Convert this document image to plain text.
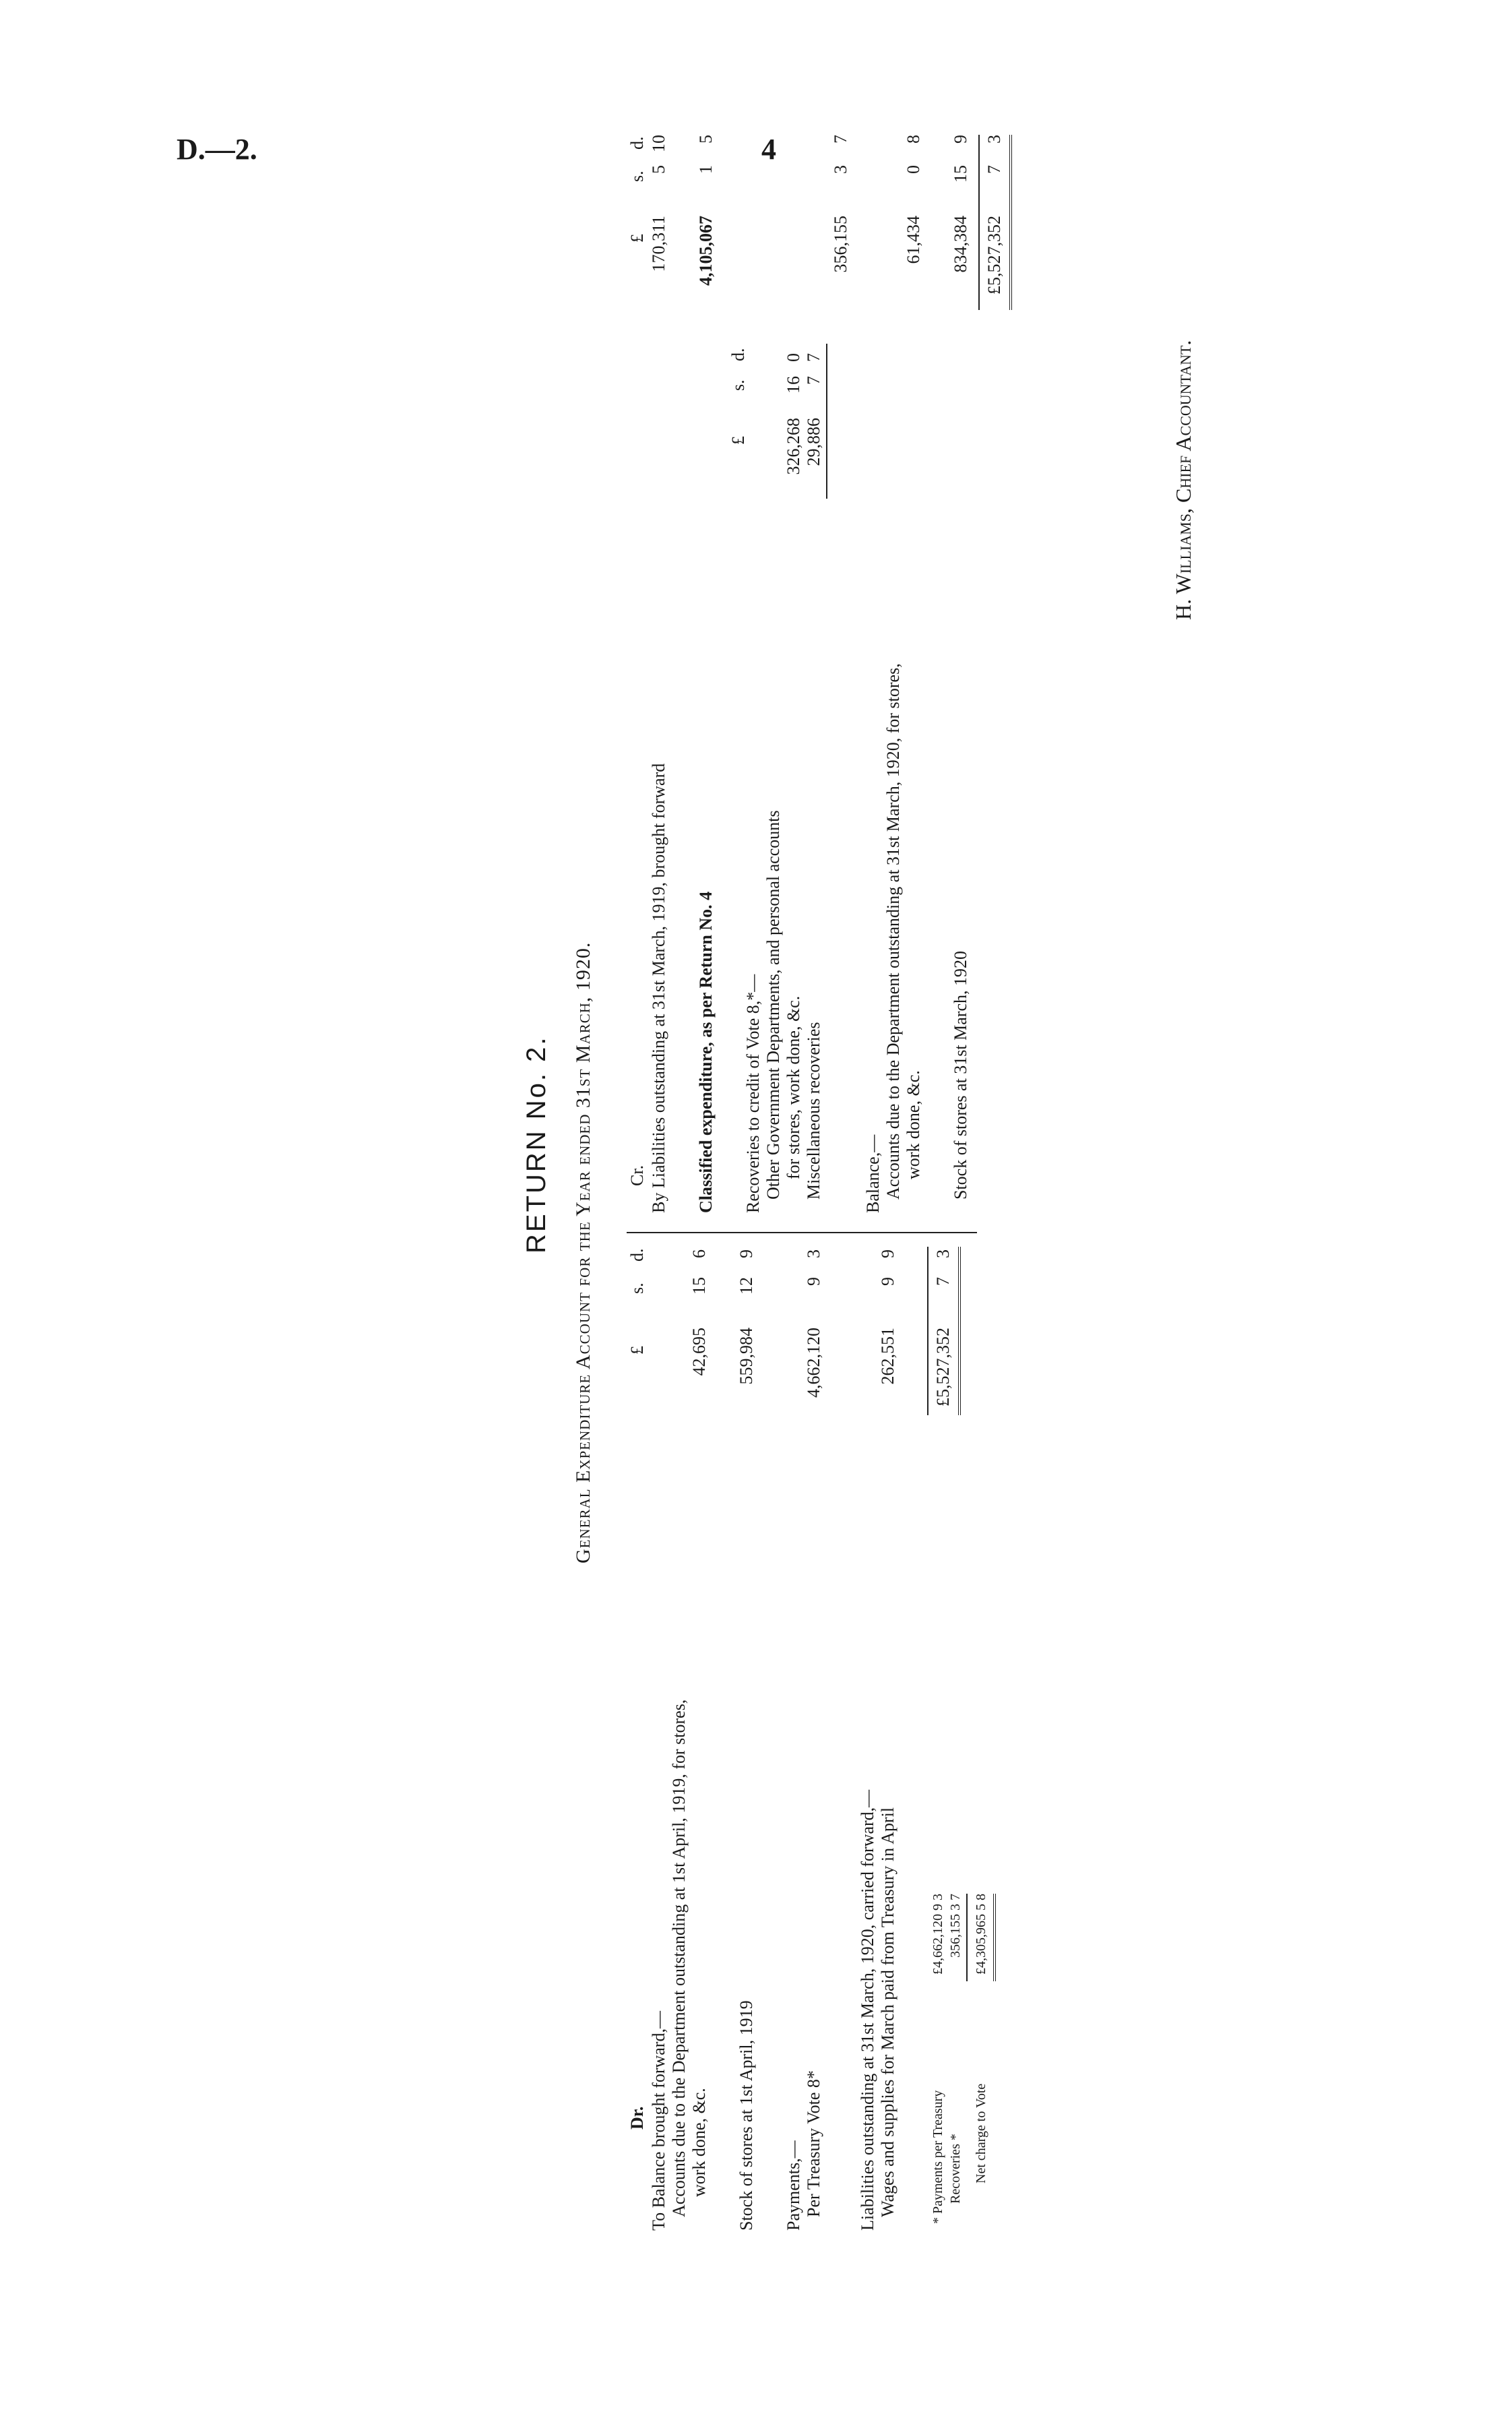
D.—2.	4
RETURN No. 2. General Expenditure Account for the Year ended 31st March, 1920.
Dr.
£
s.
d.
To Balance brought forward,— Accounts due to the Department outstanding at 1st April, 1919, for stores, work done, &c.
42,695
15
6
Stock of stores at 1st April, 1919
559,984
12
9
Payments,— Per Treasury Vote 8*
4,662,120
9
3
Liabilities outstanding at 31st March, 1920, carried forward,— Wages and supplies for March paid from Treasury in April
262,551
9
9
* Payments per Treasury
£4,662,120 9 3
Recoveries *
356,155 3 7
Net charge to Vote
£4,305,965 5 8
£5,527,352
7
3
Cr.
£
s.
d.
By Liabilities outstanding at 31st March, 1919, brought forward
170,311
5
10
Classified expenditure, as per Return No. 4
4,105,067
1
5
£
s.
d.
Recoveries to credit of Vote 8,*— Other Government Departments, and personal accounts for stores, work done, &c.
326,268
16
0
Miscellaneous recoveries
29,886
7
7
356,155
3
7
Balance,— Accounts due to the Department outstanding at 31st March, 1920, for stores, work done, &c.
61,434
0
8
Stock of stores at 31st March, 1920
834,384
15
9
£5,527,352
7
3
H. Williams, Chief Accountant.
